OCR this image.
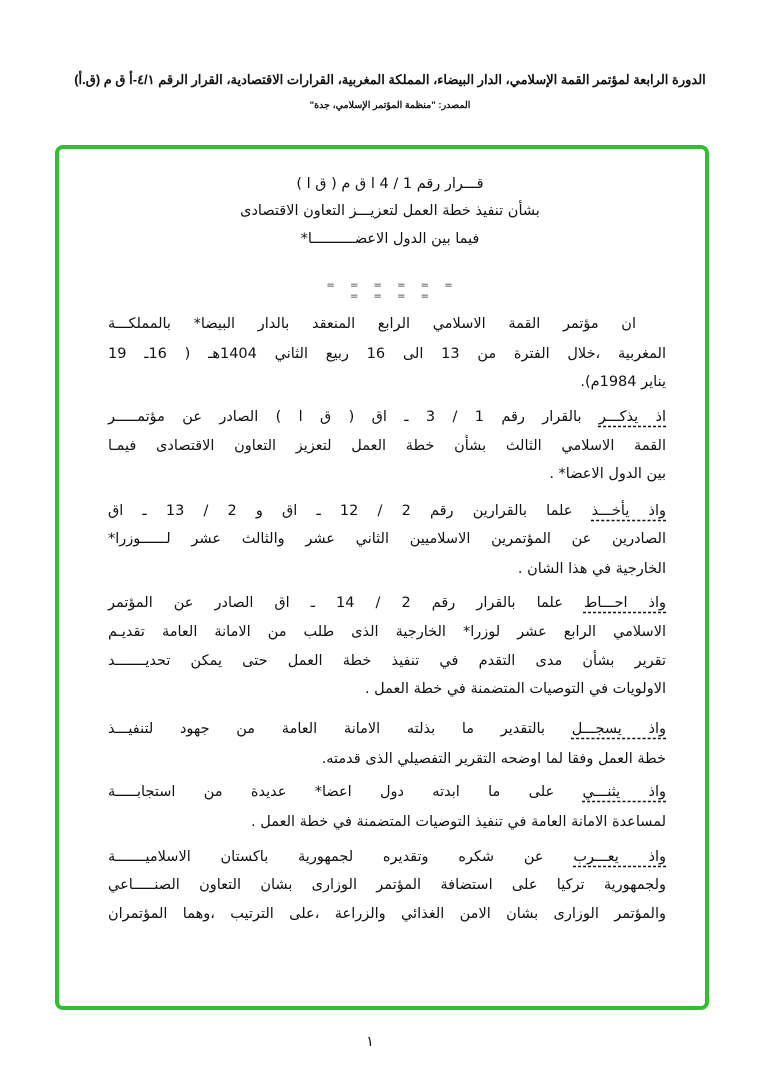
الدورة الرابعة لمؤتمر القمة الإسلامي، الدار البيضاء، المملكة المغربية، القرارات الاقتصادية، القرار الرقم ٤/١-أ ق م (ق.أ)
المصدر: "منظمة المؤتمر الإسلامي، جدة"
قـــرار رقم 1 / 4 ا ق م ( ق ا )
بشأن تنفيذ خطة العمل لتعزيـــز التعاون الاقتصادى
فيما بين الدول الاعضــــــــــا*
= = = = = = = = = =
ان مؤتمر القمة الاسلامي الرابع المنعقد بالدار البيضا* بالمملكـــة
المغربية ،خلال الفترة من 13 الى 16 ربيع الثاني 1404هـ ( 16ـ 19
يناير 1984م).
اذ يذكـــر بالقرار رقم 1 / 3 ـ اق ( ق ا ) الصادر عن مؤتمـــــر
القمة الاسلامي الثالث بشأن خطة العمل لتعزيز التعاون الاقتصادى فيمـا
بين الدول الاعضا* .
واذ يأخـــذ علما بالقرارين رقم 2 / 12 ـ اق و 2 / 13 ـ اق
الصادرين عن المؤتمرين الاسلاميين الثاني عشر والثالث عشر لــــــوزرا*
الخارجية في هذا الشان .
واذ احـــاط علما بالقرار رقم 2 / 14 ـ اق الصادر عن المؤتمر
الاسلامي الرابع عشر لوزرا* الخارجية الذى طلب من الامانة العامة تقديـم
تقرير بشأن مدى التقدم في تنفيذ خطة العمل حتى يمكن تحديـــــــد
الاولويات في التوصيات المتضمنة في خطة العمل .
واذ يسجـــل بالتقدير ما بذلته الامانة العامة من جهود لتنفيـــذ
خطة العمل وفقا لما اوضحه التقرير التفصيلي الذى قدمته.
واذ يثنـــي على ما ابدته دول اعضا* عديدة من استجابـــــة
لمساعدة الامانة العامة في تنفيذ التوصيات المتضمنة في خطة العمل .
واذ يعـــرب عن شكره وتقديره لجمهورية باكستان الاسلاميـــــــة
ولجمهورية تركيا على استضافة المؤتمر الوزارى بشان التعاون الصنـــــاعي
والمؤتمر الوزارى بشان الامن الغذائي والزراعة ،على الترتيب ،وهما المؤتمران
١
